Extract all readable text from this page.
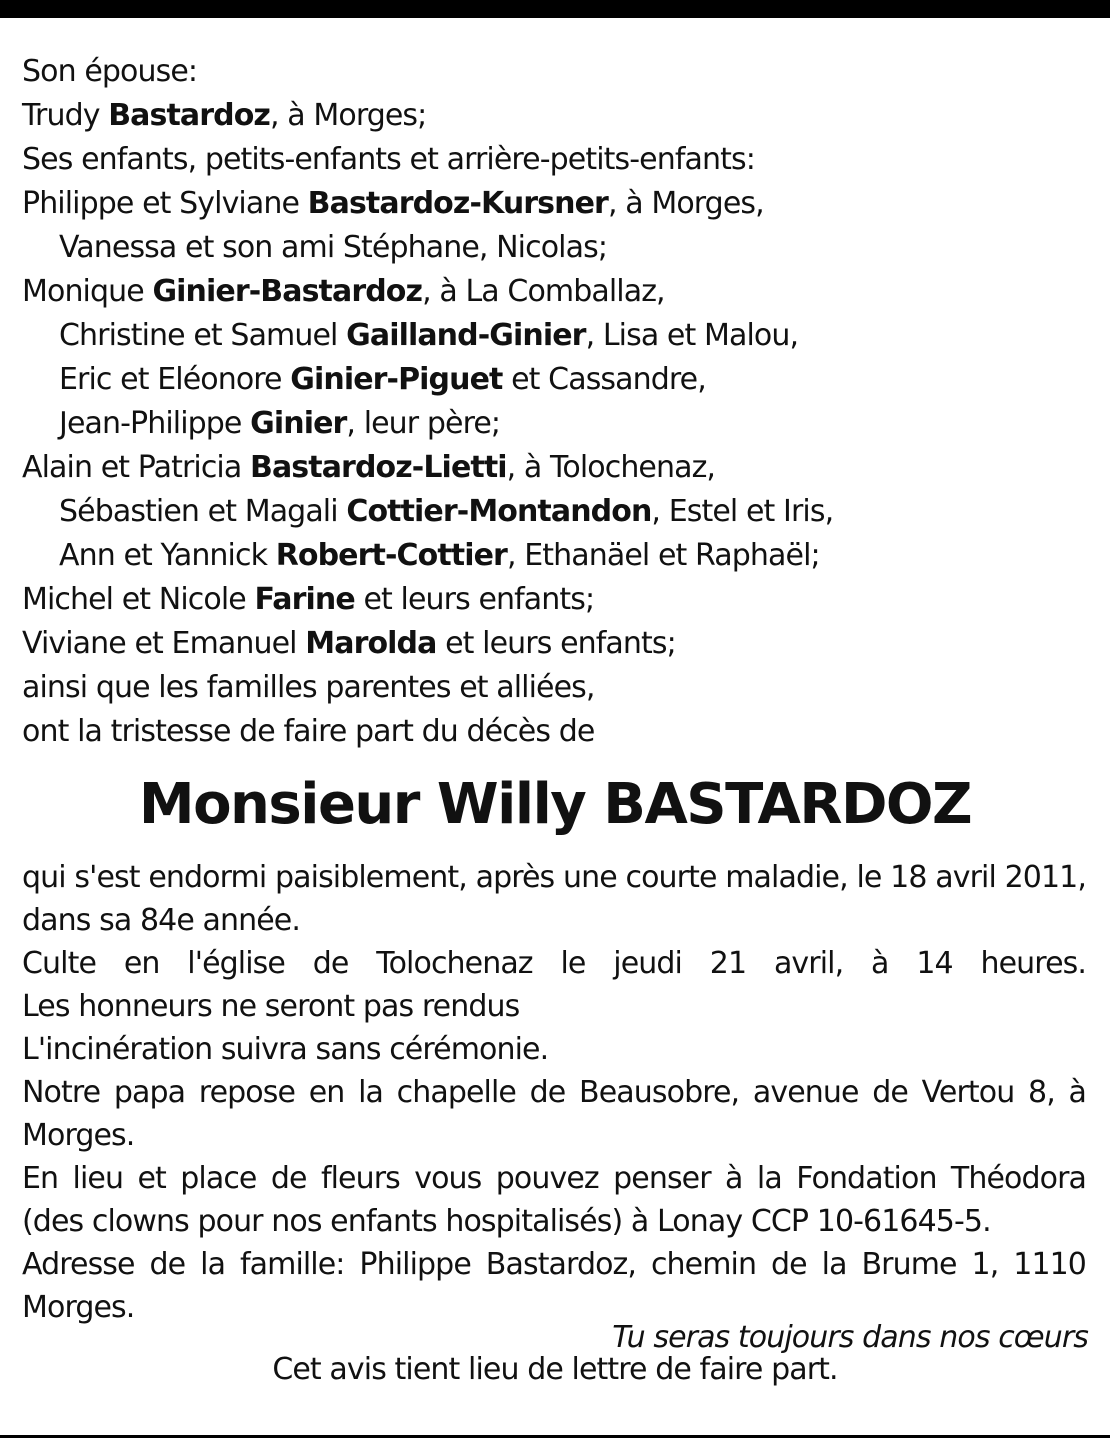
Son épouse:
Trudy Bastardoz, à Morges;
Ses enfants, petits-enfants et arrière-petits-enfants:
Philippe et Sylviane Bastardoz-Kursner, à Morges,
Vanessa et son ami Stéphane, Nicolas;
Monique Ginier-Bastardoz, à La Comballaz,
Christine et Samuel Gailland-Ginier, Lisa et Malou,
Eric et Eléonore Ginier-Piguet et Cassandre,
Jean-Philippe Ginier, leur père;
Alain et Patricia Bastardoz-Lietti, à Tolochenaz,
Sébastien et Magali Cottier-Montandon, Estel et Iris,
Ann et Yannick Robert-Cottier, Ethanäel et Raphaël;
Michel et Nicole Farine et leurs enfants;
Viviane et Emanuel Marolda et leurs enfants;
ainsi que les familles parentes et alliées,
ont la tristesse de faire part du décès de
Monsieur Willy BASTARDOZ
qui s'est endormi paisiblement, après une courte maladie, le 18 avril 2011, dans sa 84e année.
Culte en l'église de Tolochenaz le jeudi 21 avril, à 14 heures.
Les honneurs ne seront pas rendus
L'incinération suivra sans cérémonie.
Notre papa repose en la chapelle de Beausobre, avenue de Vertou 8, à Morges.
En lieu et place de fleurs vous pouvez penser à la Fondation Théodora (des clowns pour nos enfants hospitalisés) à Lonay CCP 10-61645-5.
Adresse de la famille: Philippe Bastardoz, chemin de la Brume 1, 1110 Morges.
Tu seras toujours dans nos cœurs
Cet avis tient lieu de lettre de faire part.
